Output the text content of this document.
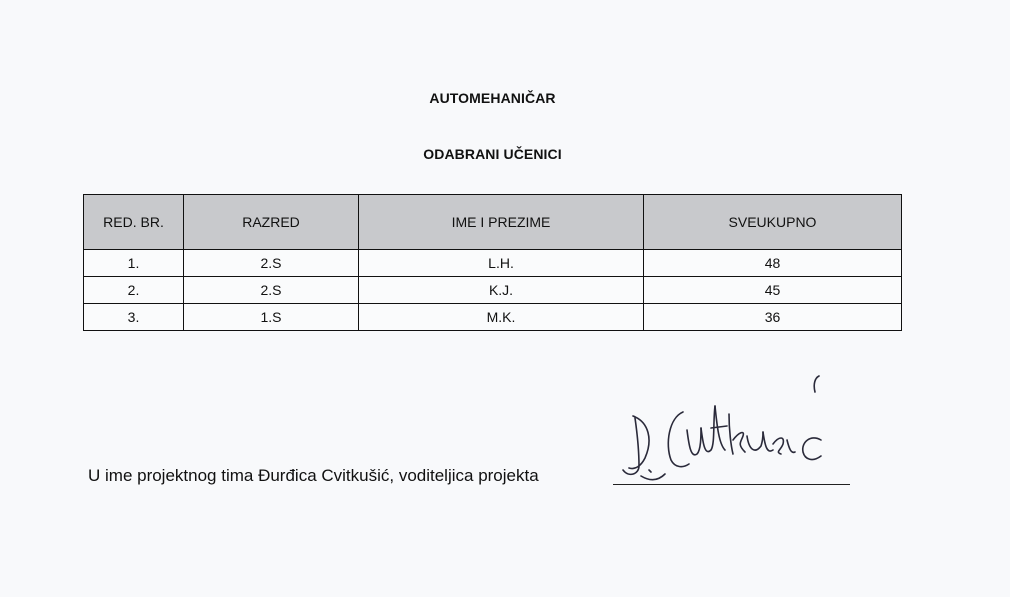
AUTOMEHANIČAR
ODABRANI UČENICI
RED. BR.	RAZRED	IME I PREZIME	SVEUKUPNO
1.	2.S	L.H.	48
2.	2.S	K.J.	45
3.	1.S	M.K.	36
U ime projektnog tima Đurđica Cvitkušić, voditeljica projekta
